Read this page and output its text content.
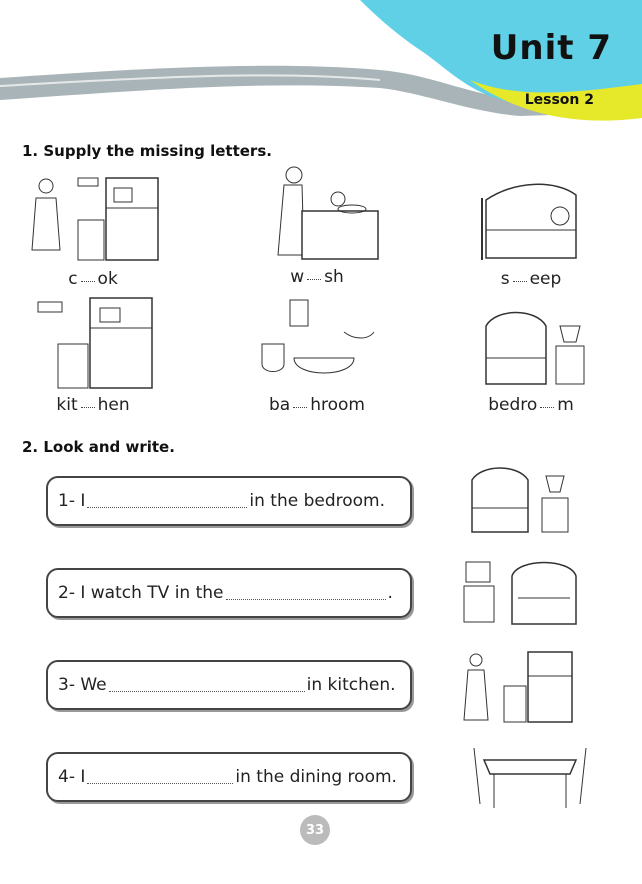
Unit 7
Lesson 2
1. Supply the missing letters.
c ok	w sh	s eep
kit hen	ba hroom	bedro m
2. Look and write.
1- I	in the bedroom.
2- I watch TV in the	.
3- We	in kitchen.
4- I	in the dining room.
33
